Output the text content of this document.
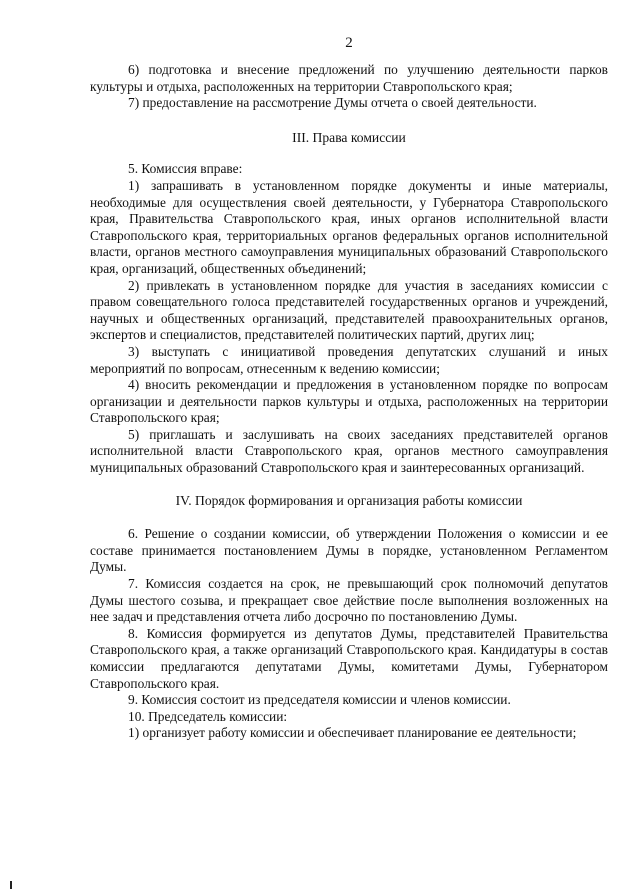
2

6) подготовка и внесение предложений по улучшению деятельности парков культуры и отдыха, расположенных на территории Ставропольского края;

7) предоставление на рассмотрение Думы отчета о своей деятельности.

III. Права комиссии

5. Комиссия вправе:

1) запрашивать в установленном порядке документы и иные материалы, необходимые для осуществления своей деятельности, у Губернатора Ставропольского края, Правительства Ставропольского края, иных органов исполнительной власти Ставропольского края, территориальных органов федеральных органов исполнительной власти, органов местного самоуправления муниципальных образований Ставропольского края, организаций, общественных объединений;

2) привлекать в установленном порядке для участия в заседаниях комиссии с правом совещательного голоса представителей государственных органов и учреждений, научных и общественных организаций, представителей правоохранительных органов, экспертов и специалистов, представителей политических партий, других лиц;

3) выступать с инициативой проведения депутатских слушаний и иных мероприятий по вопросам, отнесенным к ведению комиссии;

4) вносить рекомендации и предложения в установленном порядке по вопросам организации и деятельности парков культуры и отдыха, расположенных на территории Ставропольского края;

5) приглашать и заслушивать на своих заседаниях представителей органов исполнительной власти Ставропольского края, органов местного самоуправления муниципальных образований Ставропольского края и заинтересованных организаций.

IV. Порядок формирования и организация работы комиссии

6. Решение о создании комиссии, об утверждении Положения о комиссии и ее составе принимается постановлением Думы в порядке, установленном Регламентом Думы.

7. Комиссия создается на срок, не превышающий срок полномочий депутатов Думы шестого созыва, и прекращает свое действие после выполнения возложенных на нее задач и представления отчета либо досрочно по постановлению Думы.

8. Комиссия формируется из депутатов Думы, представителей Правительства Ставропольского края, а также организаций Ставропольского края. Кандидатуры в состав комиссии предлагаются депутатами Думы, комитетами Думы, Губернатором Ставропольского края.

9. Комиссия состоит из председателя комиссии и членов комиссии.

10. Председатель комиссии:

1) организует работу комиссии и обеспечивает планирование ее деятельности;
